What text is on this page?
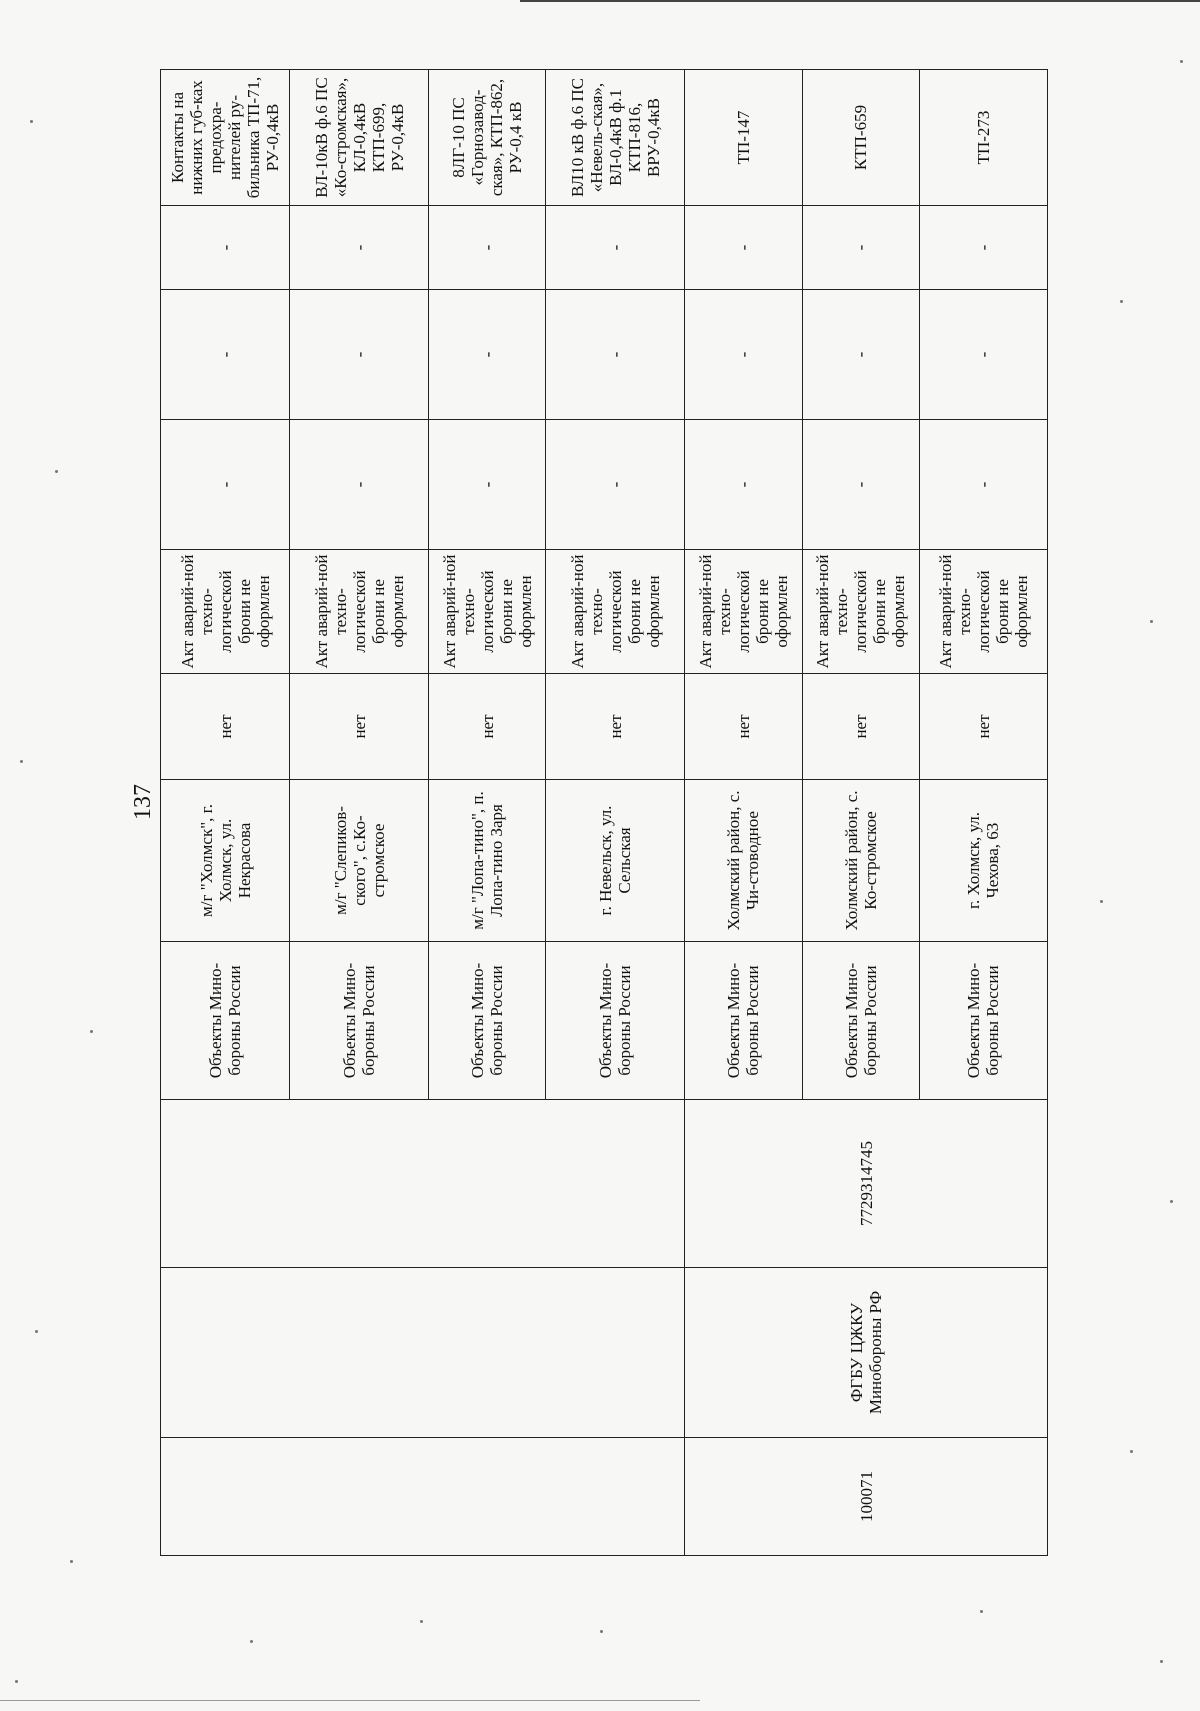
137
			Объекты Мино-бороны России	м/г "Холмск", г. Холмск, ул. Некрасова	нет	Акт аварий-ной техно-логической брони не оформлен	-	-	-	Контакты на нижних губ-ках предохра-нителей ру-бильника ТП-71, РУ-0,4кВ
			Объекты Мино-бороны России	м/г "Слепиков-ского", с.Ко-стромское	нет	Акт аварий-ной техно-логической брони не оформлен	-	-	-	ВЛ-10кВ ф.6 ПС «Ко-стромская», КЛ-0,4кВ КТП-699, РУ-0,4кВ
			Объекты Мино-бороны России	м/г "Лопа-тино", п. Лопа-тино Заря	нет	Акт аварий-ной техно-логической брони не оформлен	-	-	-	8ЛГ-10 ПС «Горнозавод-ская», КТП-862, РУ-0,4 кВ
			Объекты Мино-бороны России	г. Невельск, ул. Сельская	нет	Акт аварий-ной техно-логической брони не оформлен	-	-	-	ВЛ10 кВ ф.6 ПС «Невель-ская», ВЛ-0,4кВ ф.1 КТП-816, ВРУ-0,4кВ
100071	ФГБУ ЦЖКУ Минобороны РФ	7729314745	Объекты Мино-бороны России	Холмский район, с. Чи-стоводное	нет	Акт аварий-ной техно-логической брони не оформлен	-	-	-	ТП-147
			Объекты Мино-бороны России	Холмский район, с. Ко-стромское	нет	Акт аварий-ной техно-логической брони не оформлен	-	-	-	КТП-659
			Объекты Мино-бороны России	г. Холмск, ул. Чехова, 63	нет	Акт аварий-ной техно-логической брони не оформлен	-	-	-	ТП-273
